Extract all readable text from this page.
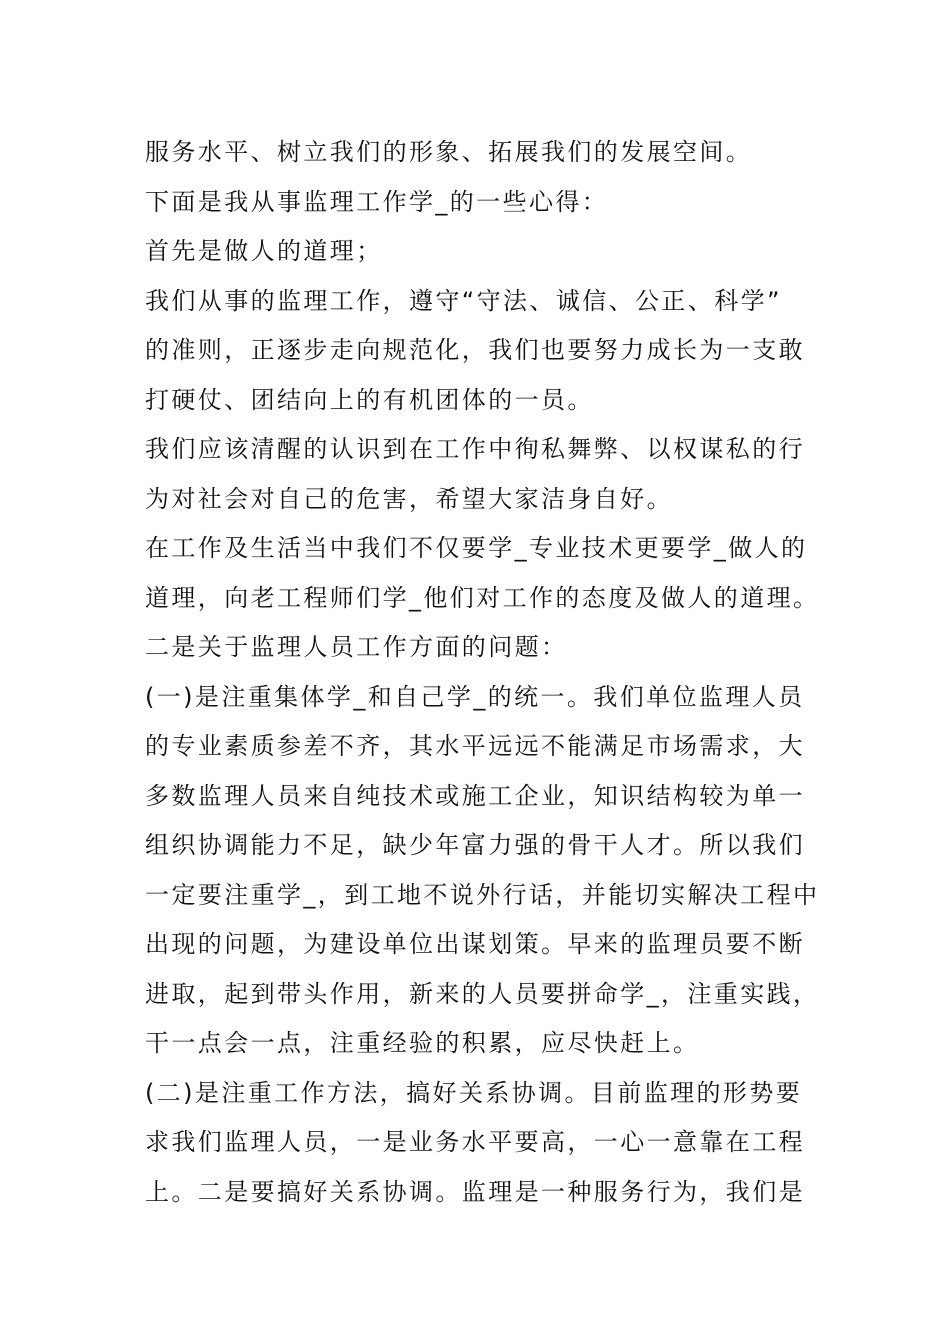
服务水平、树立我们的形象、拓展我们的发展空间。
下面是我从事监理工作学_的一些心得：
首先是做人的道理；
我们从事的监理工作，遵守“守法、诚信、公正、科学”
的准则，正逐步走向规范化，我们也要努力成长为一支敢
打硬仗、团结向上的有机团体的一员。
我们应该清醒的认识到在工作中徇私舞弊、以权谋私的行
为对社会对自己的危害，希望大家洁身自好。
在工作及生活当中我们不仅要学_专业技术更要学_做人的
道理，向老工程师们学_他们对工作的态度及做人的道理。
二是关于监理人员工作方面的问题：
(一)是注重集体学_和自己学_的统一。我们单位监理人员
的专业素质参差不齐，其水平远远不能满足市场需求，大
多数监理人员来自纯技术或施工企业，知识结构较为单一
组织协调能力不足，缺少年富力强的骨干人才。所以我们
一定要注重学_，到工地不说外行话，并能切实解决工程中
出现的问题，为建设单位出谋划策。早来的监理员要不断
进取，起到带头作用，新来的人员要拼命学_，注重实践，
干一点会一点，注重经验的积累，应尽快赶上。
(二)是注重工作方法，搞好关系协调。目前监理的形势要
求我们监理人员，一是业务水平要高，一心一意靠在工程
上。二是要搞好关系协调。监理是一种服务行为，我们是
